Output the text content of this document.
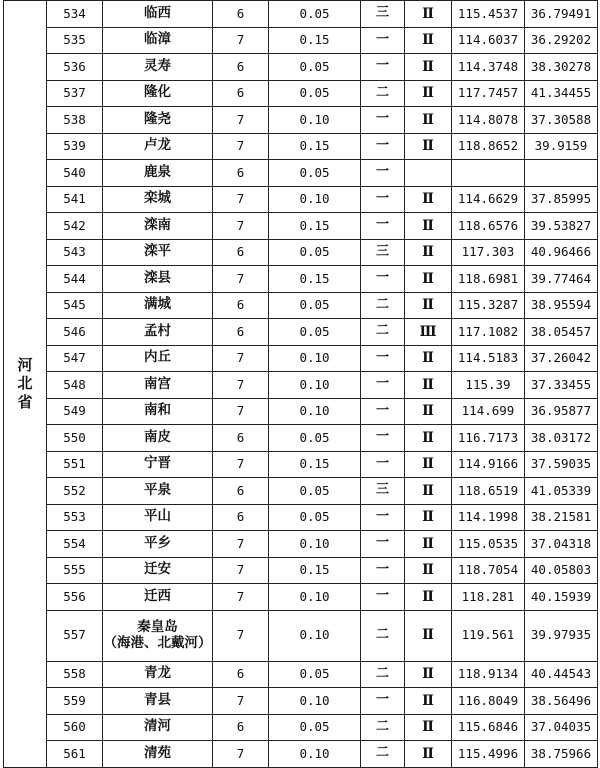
河北省	534	临西	6	0.05	三	Ⅱ	115.4537	36.79491
	535	临漳	7	0.15	一	Ⅱ	114.6037	36.29202
	536	灵寿	6	0.05	一	Ⅱ	114.3748	38.30278
	537	隆化	6	0.05	二	Ⅱ	117.7457	41.34455
	538	隆尧	7	0.10	一	Ⅱ	114.8078	37.30588
	539	卢龙	7	0.15	一	Ⅱ	118.8652	39.9159
	540	鹿泉	6	0.05	一			
	541	栾城	7	0.10	一	Ⅱ	114.6629	37.85995
	542	滦南	7	0.15	一	Ⅱ	118.6576	39.53827
	543	滦平	6	0.05	三	Ⅱ	117.303	40.96466
	544	滦县	7	0.15	一	Ⅱ	118.6981	39.77464
	545	满城	6	0.05	二	Ⅱ	115.3287	38.95594
	546	孟村	6	0.05	二	Ⅲ	117.1082	38.05457
	547	内丘	7	0.10	一	Ⅱ	114.5183	37.26042
	548	南宫	7	0.10	一	Ⅱ	115.39	37.33455
	549	南和	7	0.10	一	Ⅱ	114.699	36.95877
	550	南皮	6	0.05	一	Ⅱ	116.7173	38.03172
	551	宁晋	7	0.15	一	Ⅱ	114.9166	37.59035
	552	平泉	6	0.05	三	Ⅱ	118.6519	41.05339
	553	平山	6	0.05	一	Ⅱ	114.1998	38.21581
	554	平乡	7	0.10	一	Ⅱ	115.0535	37.04318
	555	迁安	7	0.15	一	Ⅱ	118.7054	40.05803
	556	迁西	7	0.10	一	Ⅱ	118.281	40.15939
	557	秦皇岛
（海港、北戴河）	7	0.10	二	Ⅱ	119.561	39.97935
	558	青龙	6	0.05	二	Ⅱ	118.9134	40.44543
	559	青县	7	0.10	一	Ⅱ	116.8049	38.56496
	560	清河	6	0.05	二	Ⅱ	115.6846	37.04035
	561	清苑	7	0.10	二	Ⅱ	115.4996	38.75966
